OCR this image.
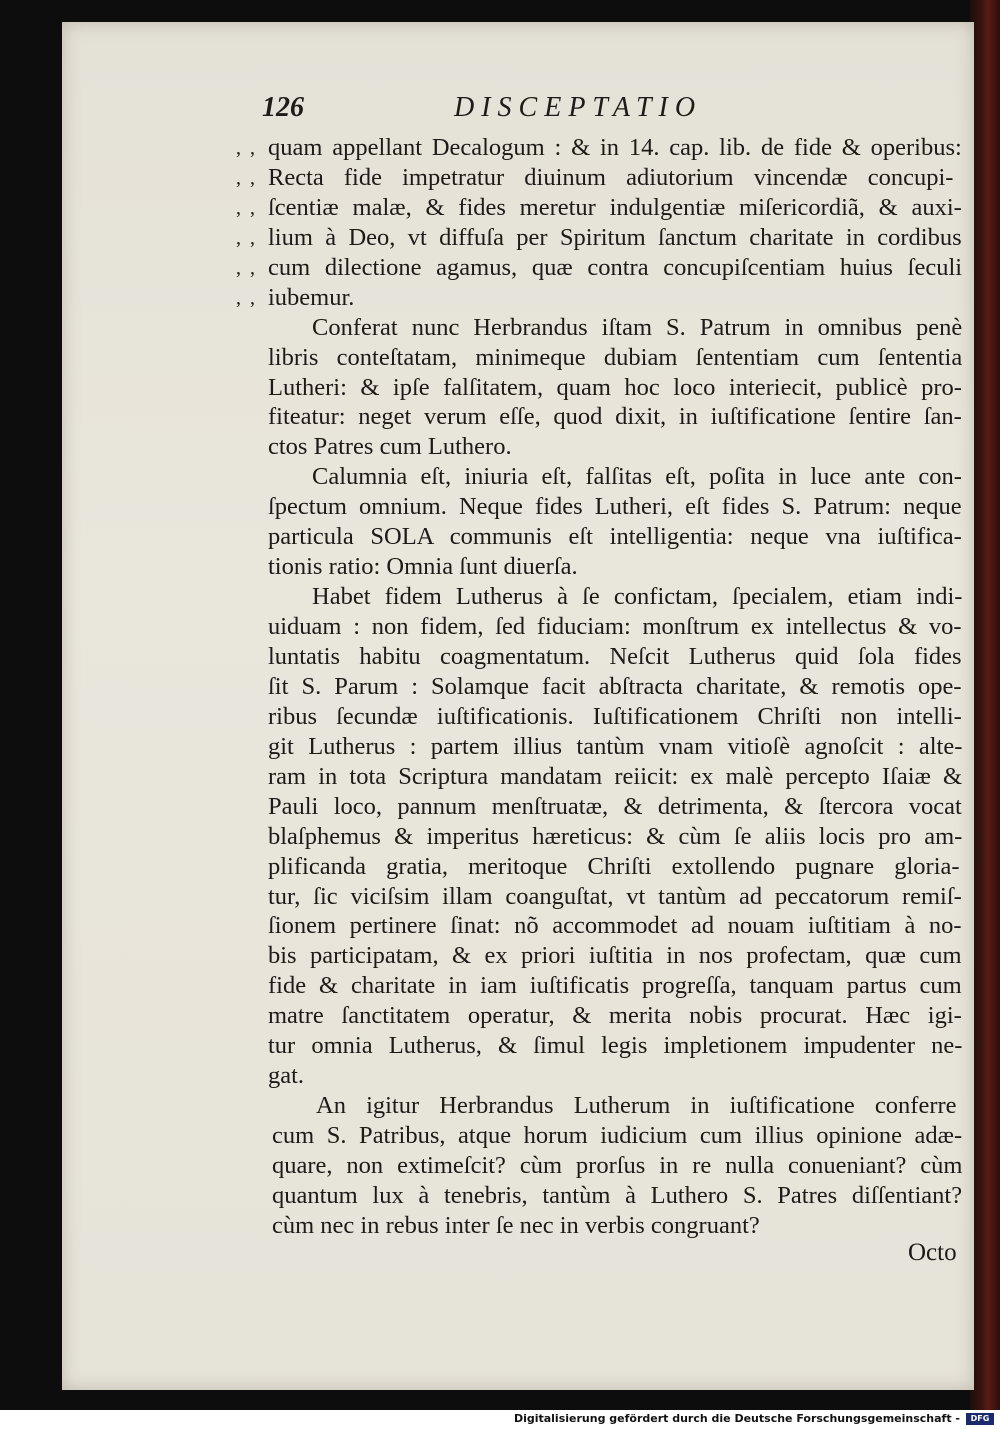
126	DISCEPTATIO
, , quam appellant Decalogum : & in 14. cap. lib. de fide & operibus:
, , Recta fide impetratur diuinum adiutorium vincendæ concupi-
, , ſcentiæ malæ, & fides meretur indulgentiæ miſericordiã, & auxi-
, , lium à Deo, vt diffuſa per Spiritum ſanctum charitate in cordibus
, , cum dilectione agamus, quæ contra concupiſcentiam huius ſeculi
, , iubemur.
Conferat nunc Herbrandus iſtam S. Patrum in omnibus penè
libris conteſtatam, minimeque dubiam ſententiam cum ſententia
Lutheri: & ipſe falſitatem, quam hoc loco interiecit, publicè pro-
fiteatur: neget verum eſſe, quod dixit, in iuſtificatione ſentire ſan-
ctos Patres cum Luthero.
Calumnia eſt, iniuria eſt, falſitas eſt, poſita in luce ante con-
ſpectum omnium. Neque fides Lutheri, eſt fides S. Patrum: neque
particula SOLA communis eſt intelligentia: neque vna iuſtifica-
tionis ratio: Omnia ſunt diuerſa.
Habet fidem Lutherus à ſe confictam, ſpecialem, etiam indi-
uiduam : non fidem, ſed fiduciam: monſtrum ex intellectus & vo-
luntatis habitu coagmentatum. Neſcit Lutherus quid ſola fides
ſit S. Parum : Solamque facit abſtracta charitate, & remotis ope-
ribus ſecundæ iuſtificationis. Iuſtificationem Chriſti non intelli-
git Lutherus : partem illius tantùm vnam vitioſè agnoſcit : alte-
ram in tota Scriptura mandatam reiicit: ex malè percepto Iſaiæ &
Pauli loco, pannum menſtruatæ, & detrimenta, & ſtercora vocat
blaſphemus & imperitus hæreticus: & cùm ſe aliis locis pro am-
plificanda gratia, meritoque Chriſti extollendo pugnare gloria-
tur, ſic viciſsim illam coanguſtat, vt tantùm ad peccatorum remiſ-
ſionem pertinere ſinat: nõ accommodet ad nouam iuſtitiam à no-
bis participatam, & ex priori iuſtitia in nos profectam, quæ cum
fide & charitate in iam iuſtificatis progreſſa, tanquam partus cum
matre ſanctitatem operatur, & merita nobis procurat. Hæc igi-
tur omnia Lutherus, & ſimul legis impletionem impudenter ne-
gat.
An igitur Herbrandus Lutherum in iuſtificatione conferre
cum S. Patribus, atque horum iudicium cum illius opinione adæ-
quare, non extimeſcit? cùm prorſus in re nulla conueniant? cùm
quantum lux à tenebris, tantùm à Luthero S. Patres diſſentiant?
cùm nec in rebus inter ſe nec in verbis congruant?
Octo
Digitalisierung gefördert durch die Deutsche Forschungsgemeinschaft -	DFG
